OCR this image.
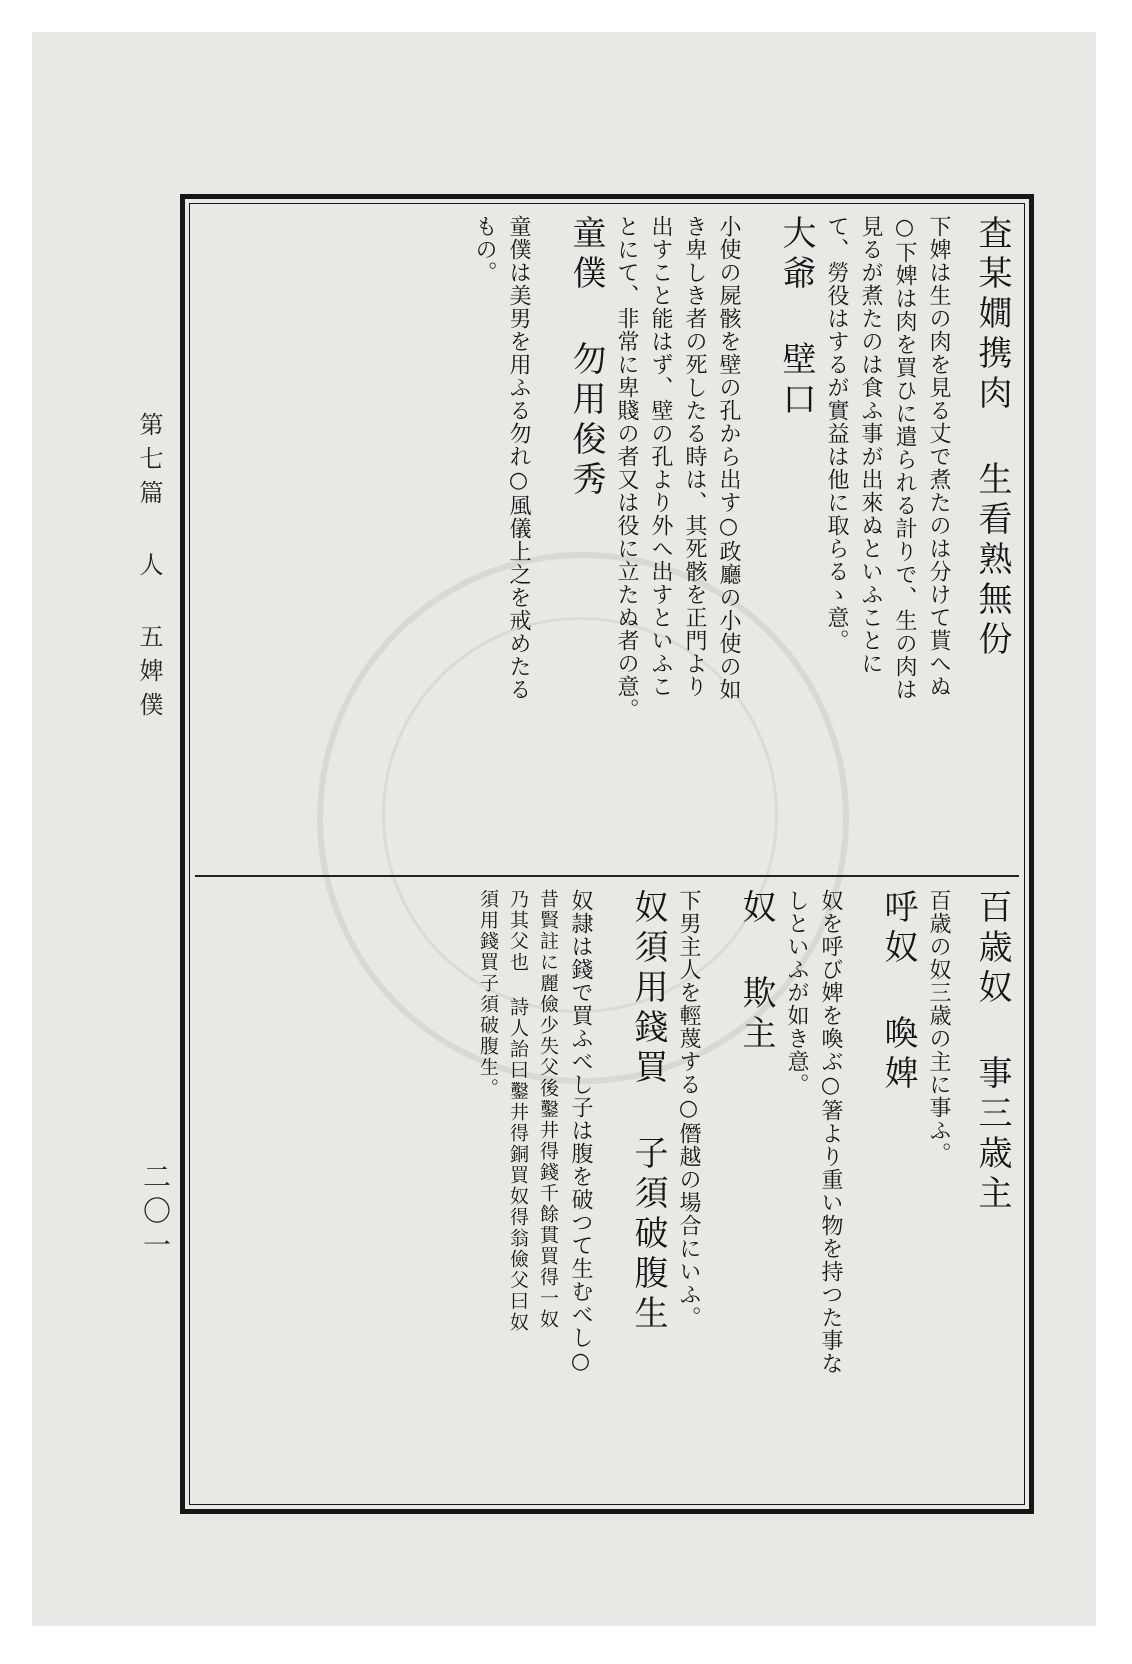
第七篇 人 五婢僕
二〇一
査某嫺携肉 生看熟無份
下婢は生の肉を見る丈で煮たのは分けて貰へぬ
○下婢は肉を買ひに遣られる計りで、生の肉は
見るが煮たのは食ふ事が出來ぬといふことに
て、勞役はするが實益は他に取らるゝ意。
大爺 壁口
小使の屍骸を壁の孔から出す○政廳の小使の如
き卑しき者の死したる時は、其死骸を正門より
出すこと能はず、壁の孔より外へ出すといふこ
とにて、非常に卑賤の者又は役に立たぬ者の意。
童僕 勿用俊秀
童僕は美男を用ふる勿れ○風儀上之を戒めたる
もの。
百歳奴 事三歳主
百歳の奴三歳の主に事ふ。
呼奴 喚婢
奴を呼び婢を喚ぶ○箸より重い物を持つた事な
しといふが如き意。
奴 欺主
下男主人を輕蔑する○僭越の場合にいふ。
奴須用錢買 子須破腹生
奴隷は錢で買ふべし子は腹を破つて生むべし○
昔賢註に麗儉少失父後鑿井得錢千餘貫買得一奴
乃其父也 詩人詒曰鑿井得銅買奴得翁儉父曰奴
須用錢買子須破腹生。
